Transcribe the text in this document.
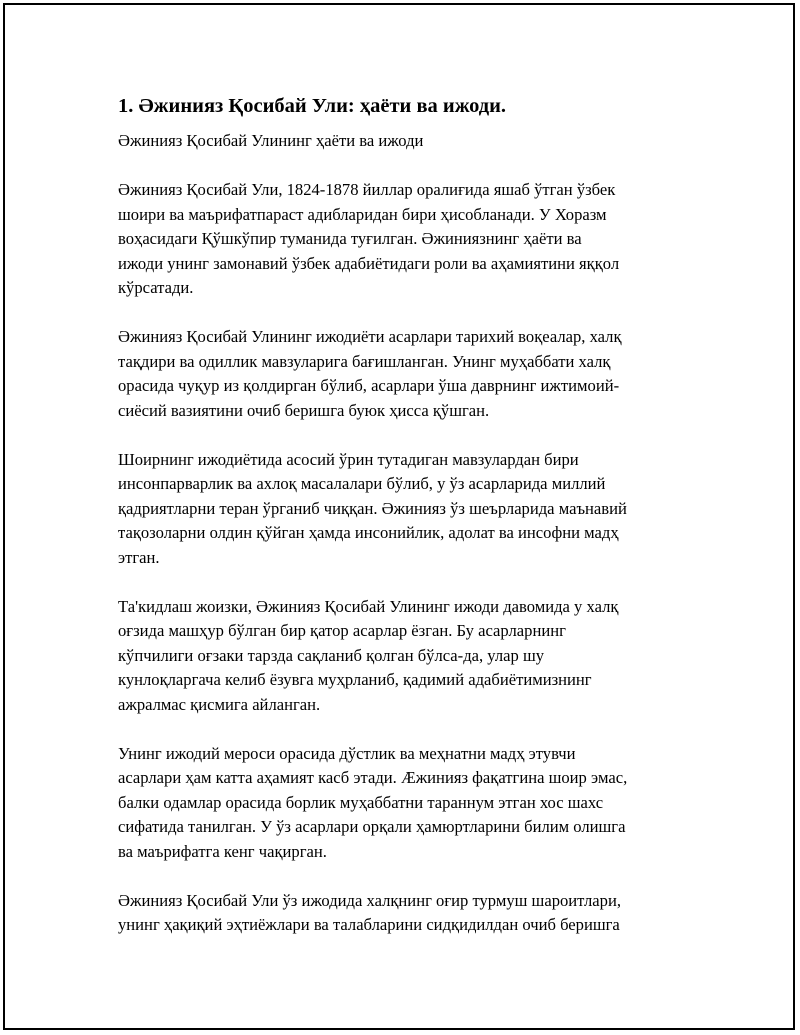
1. Әжинияз Қосибай Ули: ҳаёти ва ижоди.
Әжинияз Қосибай Улининг ҳаёти ва ижоди
Әжинияз Қосибай Ули, 1824-1878 йиллар оралиғида яшаб ўтган ўзбек
шоири ва маърифатпараст адибларидан бири ҳисобланади. У Хоразм
воҳасидаги Қўшкўпир туманида туғилган. Әжиниязнинг ҳаёти ва
ижоди унинг замонавий ўзбек адабиётидаги роли ва аҳамиятини яққол
кўрсатади.
Әжинияз Қосибай Улининг ижодиёти асарлари тарихий воқеалар, халқ
тақдири ва одиллик мавзуларига бағишланган. Унинг муҳаббати халқ
орасида чуқур из қолдирган бўлиб, асарлари ўша даврнинг ижтимоий-
сиёсий вазиятини очиб беришга буюк ҳисса қўшган.
Шоирнинг ижодиётида асосий ўрин тутадиган мавзулардан бири
инсонпарварлик ва ахлоқ масалалари бўлиб, у ўз асарларида миллий
қадриятларни теран ўрганиб чиққан. Әжинияз ўз шеърларида маънавий
тақозоларни олдин қўйган ҳамда инсонийлик, адолат ва инсофни мадҳ
этган.
Та'кидлаш жоизки, Әжинияз Қосибай Улининг ижоди давомида у халқ
оғзида машҳур бўлган бир қатор асарлар ёзган. Бу асарларнинг
кўпчилиги оғзаки тарзда сақланиб қолган бўлса-да, улар шу
кунлоқларгача келиб ёзувга муҳрланиб, қадимий адабиётимизнинг
ажралмас қисмига айланган.
Унинг ижодий мероси орасида дўстлик ва меҳнатни мадҳ этувчи
асарлари ҳам катта аҳамият касб этади. Ӕжинияз фақатгина шоир эмас,
балки одамлар орасида борлик муҳаббатни тараннум этган хос шахс
сифатида танилган. У ўз асарлари орқали ҳамюртларини билим олишга
ва маърифатга кенг чақирган.
Әжинияз Қосибай Ули ўз ижодида халқнинг оғир турмуш шароитлари,
унинг ҳақиқий эҳтиёжлари ва талабларини сидқидилдан очиб беришга
